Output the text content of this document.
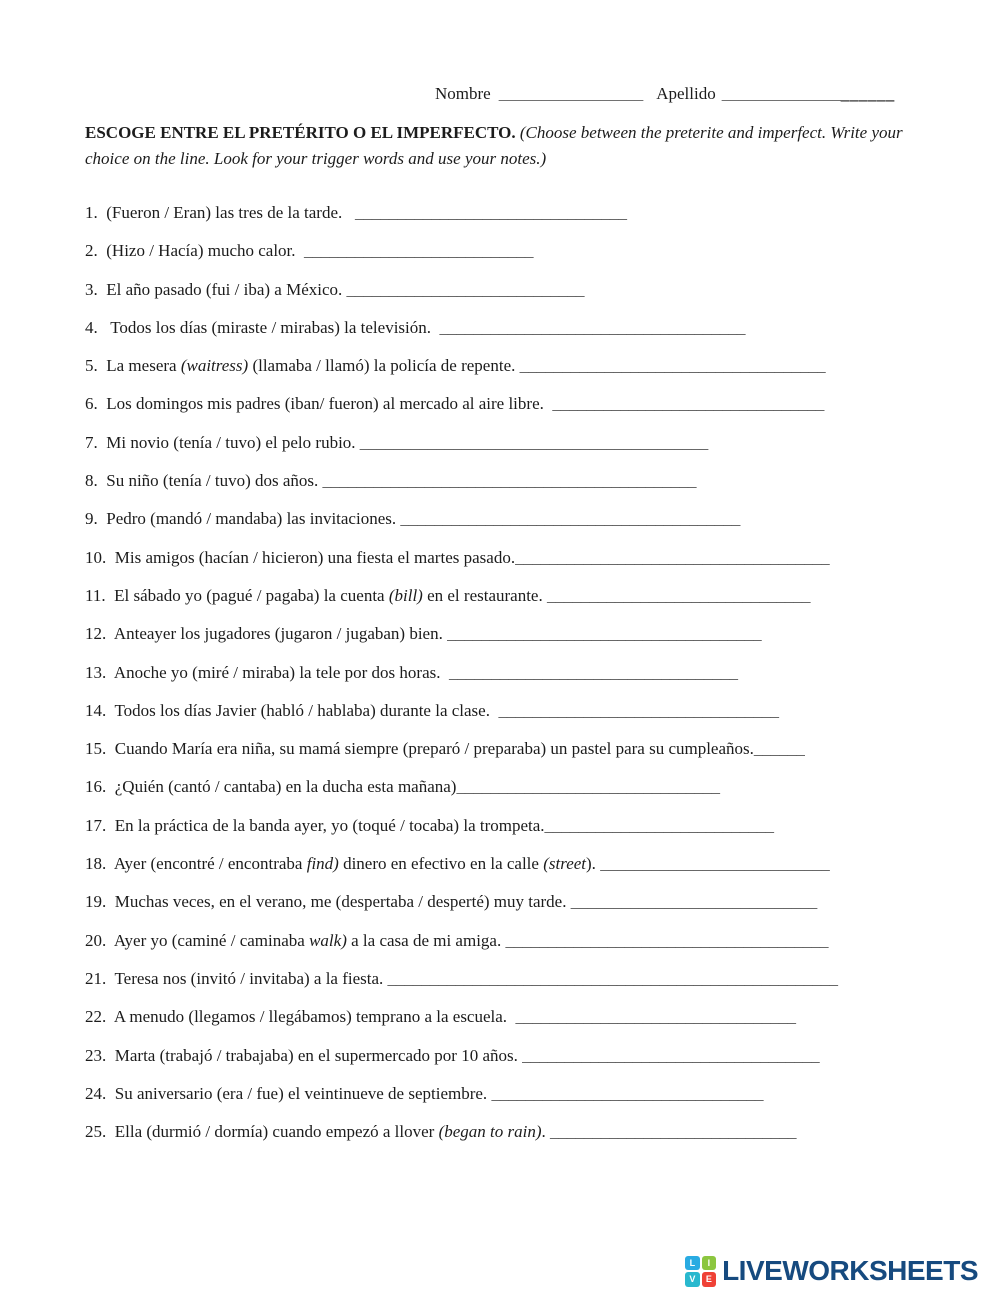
Nombre _________________ Apellido ____________________

ESCOGE ENTRE EL PRETÉRITO O EL IMPERFECTO. (Choose between the preterite and imperfect. Write your choice on the line. Look for your trigger words and use your notes.)

1.  (Fueron / Eran) las tres de la tarde.   ________________________________
2.  (Hizo / Hacía) mucho calor.  ___________________________
3.  El año pasado (fui / iba) a México. ____________________________
4.   Todos los días (miraste / mirabas) la televisión.  ____________________________________
5.  La mesera (waitress) (llamaba / llamó) la policía de repente. ____________________________________
6.  Los domingos mis padres (iban/ fueron) al mercado al aire libre.  ________________________________
7.  Mi novio (tenía / tuvo) el pelo rubio. _________________________________________
8.  Su niño (tenía / tuvo) dos años. ____________________________________________
9.  Pedro (mandó / mandaba) las invitaciones. ________________________________________
10.  Mis amigos (hacían / hicieron) una fiesta el martes pasado._____________________________________
11.  El sábado yo (pagué / pagaba) la cuenta (bill) en el restaurante. _______________________________
12.  Anteayer los jugadores (jugaron / jugaban) bien. _____________________________________
13.  Anoche yo (miré / miraba) la tele por dos horas.  __________________________________
14.  Todos los días Javier (habló / hablaba) durante la clase.  _________________________________
15.  Cuando María era niña, su mamá siempre (preparó / preparaba) un pastel para su cumpleaños.______
16.  ¿Quién (cantó / cantaba) en la ducha esta mañana)_______________________________
17.  En la práctica de la banda ayer, yo (toqué / tocaba) la trompeta.___________________________
18.  Ayer (encontré / encontraba find) dinero en efectivo en la calle (street). ___________________________
19.  Muchas veces, en el verano, me (despertaba / desperté) muy tarde. _____________________________
20.  Ayer yo (caminé / caminaba walk) a la casa de mi amiga. ______________________________________
21.  Teresa nos (invitó / invitaba) a la fiesta. _____________________________________________________
22.  A menudo (llegamos / llegábamos) temprano a la escuela.  _________________________________
23.  Marta (trabajó / trabajaba) en el supermercado por 10 años. ___________________________________
24.  Su aniversario (era / fue) el veintinueve de septiembre. ________________________________
25.  Ella (durmió / dormía) cuando empezó a llover (began to rain). _____________________________
L	I
V	E LIVEWORKSHEETS
